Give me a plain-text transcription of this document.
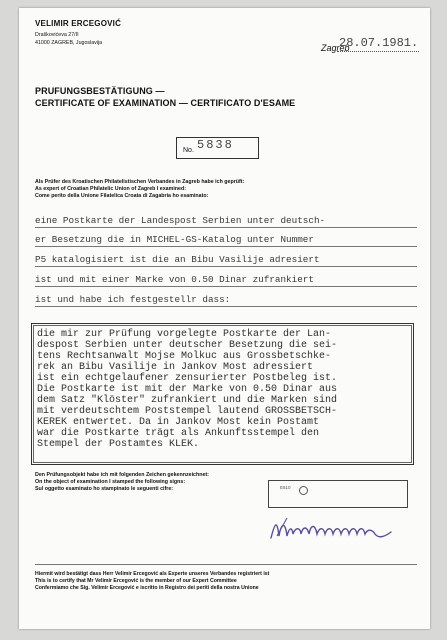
VELIMIR ERCEGOVIĆ
Draškovićeva 27/II
41000 ZAGREB, Jugoslavija	Zagreb
28.07.1981.
PRUFUNGSBESTÄTIGUNG —
CERTIFICATE OF EXAMINATION — CERTIFICATO D'ESAME
No. 5838
Als Prüfer des Kroatischen Philatelistischen Verbandes in Zagreb habe ich geprüft:
As expert of Croatian Philatelic Union of Zagreb I examined:
Come perito della Unione Filatelica Croata di Zagabria ho esaminato:
eine Postkarte der Landespost Serbien unter deutsch-
er Besetzung die in MICHEL-GS-Katalog unter Nummer
P5 katalogisiert ist die an Bibu Vasilije adresiert
ist und mit einer Marke von 0.50 Dinar zufrankiert
ist und habe ich festgestellr dass:
die mir zur Prüfung vorgelegte Postkarte der Lan-
despost Serbien unter deutscher Besetzung die sei-
tens Rechtsanwalt Mojse Molkuc aus Grossbetschke-
rek an Bibu Vasilije in Jankov Most adressiert
ist ein echtgelaufener zensurierter Postbeleg ist.
Die Postkarte ist mit der Marke von 0.50 Dinar aus
dem Satz "Klöster" zufrankiert und die Marken sind
mit verdeutschtem Poststempel lautend GROSSBETSCH-
KEREK entwertet. Da in Jankov Most kein Postamt
war die Postkarte trägt als Ankunftsstempel den
Stempel der Postamtes KLEK.
Den Prüfungsobjekt habe ich mit folgenden Zeichen gekennzeichnet:
On the object of examination I stamped the following signs:
Sul oggetto esaminato ho stampinato le seguenti cifre:	E810
Hiermit wird bestätigt dass Herr Velimir Ercegović als Experte unseres Verbandes registriert ist
This is to certify that Mr Velimir Ercegović is the member of our Expert Committee
Confermiamo che Sig. Velimir Ercegović e iscritto in Registro dei periti della nostra Unione
